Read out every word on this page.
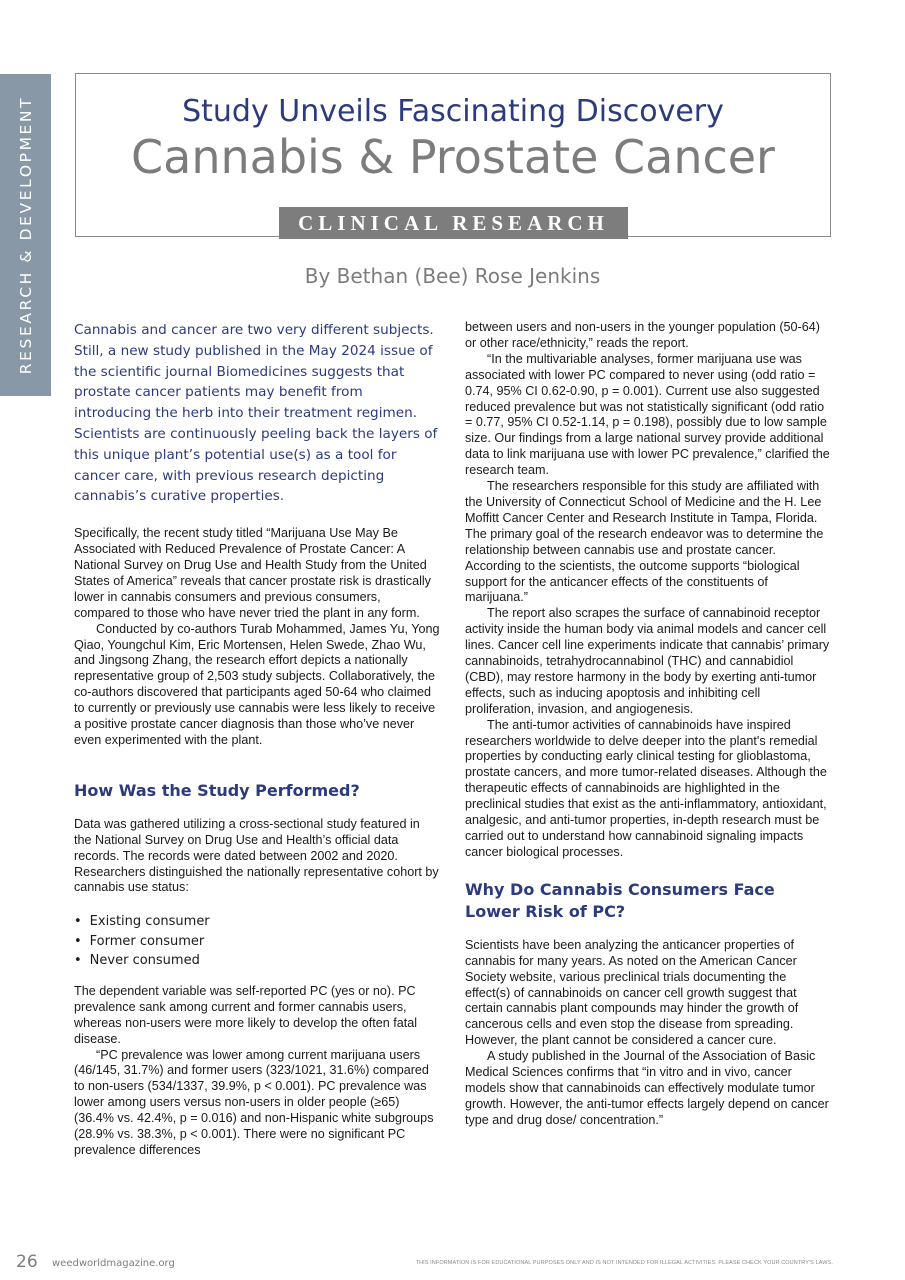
RESEARCH & DEVELOPMENT	Study Unveils Fascinating Discovery
Cannabis & Prostate Cancer
CLINICAL RESEARCH
By Bethan (Bee) Rose Jenkins

Cannabis and cancer are two very different subjects. Still, a new study published in the May 2024 issue of the scientific journal Biomedicines suggests that prostate cancer patients may benefit from introducing the herb into their treatment regimen. Scientists are continuously peeling back the layers of this unique plant’s potential use(s) as a tool for cancer care, with previous research depicting cannabis’s curative properties.

Specifically, the recent study titled “Marijuana Use May Be Associated with Reduced Prevalence of Prostate Cancer: A National Survey on Drug Use and Health Study from the United States of America” reveals that cancer prostate risk is drastically lower in cannabis consumers and previous consumers, compared to those who have never tried the plant in any form.

Conducted by co-authors Turab Mohammed, James Yu, Yong Qiao, Youngchul Kim, Eric Mortensen, Helen Swede, Zhao Wu, and Jingsong Zhang, the research effort depicts a nationally representative group of 2,503 study subjects. Collaboratively, the co-authors discovered that participants aged 50-64 who claimed to currently or previously use cannabis were less likely to receive a positive prostate cancer diagnosis than those who’ve never even experimented with the plant.

How Was the Study Performed?

Data was gathered utilizing a cross-sectional study featured in the National Survey on Drug Use and Health’s official data records. The records were dated between 2002 and 2020. Researchers distinguished the nationally representative cohort by cannabis use status:

• Existing consumer
• Former consumer
• Never consumed

The dependent variable was self-reported PC (yes or no). PC prevalence sank among current and former cannabis users, whereas non-users were more likely to develop the often fatal disease.

“PC prevalence was lower among current marijuana users (46/145, 31.7%) and former users (323/1021, 31.6%) compared to non-users (534/1337, 39.9%, p < 0.001). PC prevalence was lower among users versus non-users in older people (≥65) (36.4% vs. 42.4%, p = 0.016) and non-Hispanic white subgroups (28.9% vs. 38.3%, p < 0.001). There were no significant PC prevalence differences

between users and non-users in the younger population (50-64) or other race/ethnicity,” reads the report.

“In the multivariable analyses, former marijuana use was associated with lower PC compared to never using (odd ratio = 0.74, 95% CI 0.62-0.90, p = 0.001). Current use also suggested reduced prevalence but was not statistically significant (odd ratio = 0.77, 95% CI 0.52-1.14, p = 0.198), possibly due to low sample size. Our findings from a large national survey provide additional data to link marijuana use with lower PC prevalence,” clarified the research team.

The researchers responsible for this study are affiliated with the University of Connecticut School of Medicine and the H. Lee Moffitt Cancer Center and Research Institute in Tampa, Florida. The primary goal of the research endeavor was to determine the relationship between cannabis use and prostate cancer. According to the scientists, the outcome supports “biological support for the anticancer effects of the constituents of marijuana.”

The report also scrapes the surface of cannabinoid receptor activity inside the human body via animal models and cancer cell lines. Cancer cell line experiments indicate that cannabis’ primary cannabinoids, tetrahydrocannabinol (THC) and cannabidiol (CBD), may restore harmony in the body by exerting anti-tumor effects, such as inducing apoptosis and inhibiting cell proliferation, invasion, and angiogenesis.

The anti-tumor activities of cannabinoids have inspired researchers worldwide to delve deeper into the plant's remedial properties by conducting early clinical testing for glioblastoma, prostate cancers, and more tumor-related diseases. Although the therapeutic effects of cannabinoids are highlighted in the preclinical studies that exist as the anti-inflammatory, antioxidant, analgesic, and anti-tumor properties, in-depth research must be carried out to understand how cannabinoid signaling impacts cancer biological processes.

Why Do Cannabis Consumers Face Lower Risk of PC?

Scientists have been analyzing the anticancer properties of cannabis for many years. As noted on the American Cancer Society website, various preclinical trials documenting the effect(s) of cannabinoids on cancer cell growth suggest that certain cannabis plant compounds may hinder the growth of cancerous cells and even stop the disease from spreading. However, the plant cannot be considered a cancer cure.

A study published in the Journal of the Association of Basic Medical Sciences confirms that “in vitro and in vivo, cancer models show that cannabinoids can effectively modulate tumor growth. However, the anti-tumor effects largely depend on cancer type and drug dose/ concentration.”

26 weedworldmagazine.org	THIS INFORMATION IS FOR EDUCATIONAL PURPOSES ONLY AND IS NOT INTENDED FOR ILLEGAL ACTIVITIES. PLEASE CHECK YOUR COUNTRY'S LAWS.
